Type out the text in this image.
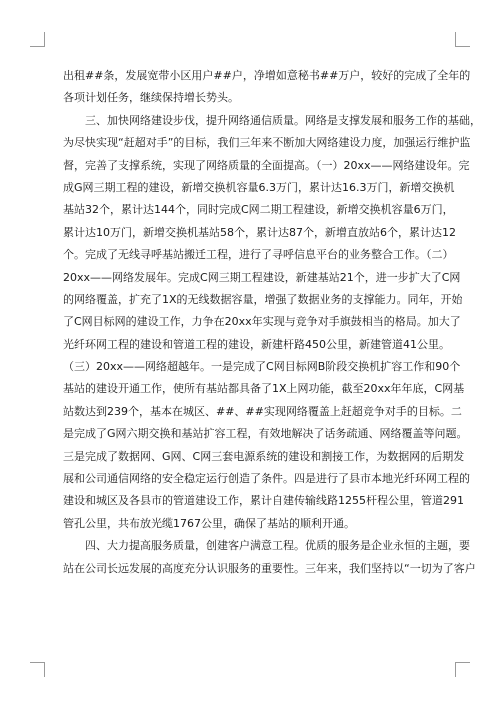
出租##条，发展宽带小区用户##户，净增如意秘书##万户，较好的完成了全年的
各项计划任务，继续保持增长势头。
三、加快网络建设步伐，提升网络通信质量。网络是支撑发展和服务工作的基础，
为尽快实现“赶超对手”的目标，我们三年来不断加大网络建设力度，加强运行维护监
督，完善了支撑系统，实现了网络质量的全面提高。（一）20xx——网络建设年。完
成G网三期工程的建设，新增交换机容量6.3万门，累计达16.3万门，新增交换机
基站32个，累计达144个，同时完成C网二期工程建设，新增交换机容量6万门，
累计达10万门，新增交换机基站58个，累计达87个，新增直放站6个，累计达12
个。完成了无线寻呼基站搬迁工程，进行了寻呼信息平台的业务整合工作。（二）
20xx——网络发展年。完成C网三期工程建设，新建基站21个，进一步扩大了C网
的网络覆盖，扩充了1X的无线数据容量，增强了数据业务的支撑能力。同年，开始
了C网目标网的建设工作，力争在20xx年实现与竞争对手旗鼓相当的格局。加大了
光纤环网工程的建设和管道工程的建设，新建杆路450公里，新建管道41公里。
（三）20xx——网络超越年。一是完成了C网目标网B阶段交换机扩容工作和90个
基站的建设开通工作，使所有基站都具备了1X上网功能，截至20xx年年底，C网基
站数达到239个，基本在城区、##、##实现网络覆盖上赶超竞争对手的目标。二
是完成了G网六期交换和基站扩容工程，有效地解决了话务疏通、网络覆盖等问题。
三是完成了数据网、G网、C网三套电源系统的建设和割接工作，为数据网的后期发
展和公司通信网络的安全稳定运行创造了条件。四是进行了县市本地光纤环网工程的
建设和城区及各县市的管道建设工作，累计自建传输线路1255杆程公里，管道291
管孔公里，共布放光缆1767公里，确保了基站的顺利开通。
四、大力提高服务质量，创建客户满意工程。优质的服务是企业永恒的主题，要
站在公司长远发展的高度充分认识服务的重要性。三年来，我们坚持以“一切为了客户
